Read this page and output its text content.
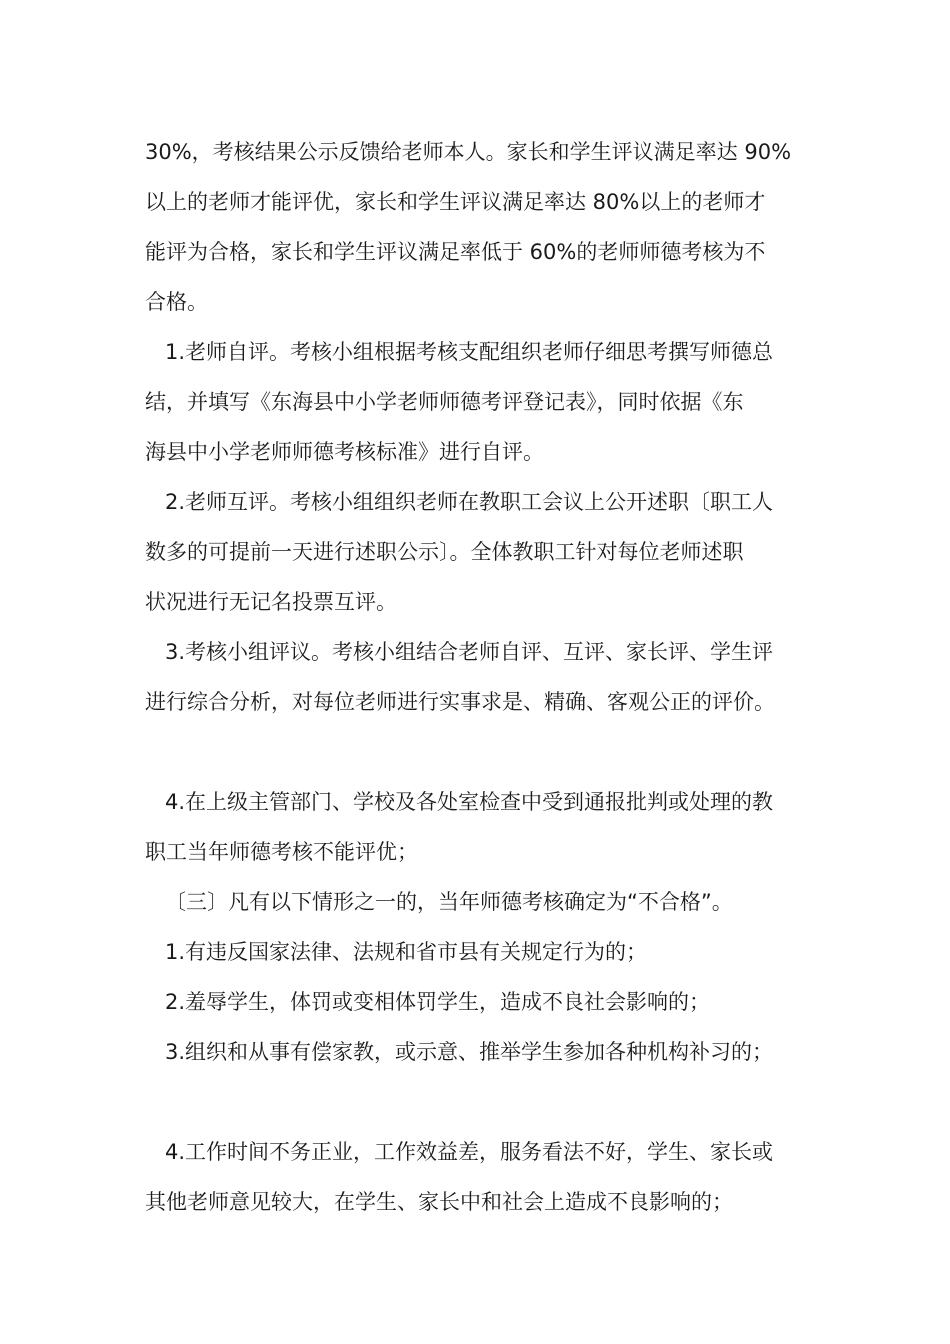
30%，考核结果公示反馈给老师本人。家长和学生评议满足率达 90%
以上的老师才能评优，家长和学生评议满足率达 80%以上的老师才
能评为合格，家长和学生评议满足率低于 60%的老师师德考核为不
合格。
1.老师自评。考核小组根据考核支配组织老师仔细思考撰写师德总
结，并填写《东海县中小学老师师德考评登记表》，同时依据《东
海县中小学老师师德考核标准》进行自评。
2.老师互评。考核小组组织老师在教职工会议上公开述职〔职工人
数多的可提前一天进行述职公示〕。全体教职工针对每位老师述职
状况进行无记名投票互评。
3.考核小组评议。考核小组结合老师自评、互评、家长评、学生评
进行综合分析，对每位老师进行实事求是、精确、客观公正的评价。
4.在上级主管部门、学校及各处室检查中受到通报批判或处理的教
职工当年师德考核不能评优；
〔三〕凡有以下情形之一的，当年师德考核确定为“不合格”。
1.有违反国家法律、法规和省市县有关规定行为的；
2.羞辱学生，体罚或变相体罚学生，造成不良社会影响的；
3.组织和从事有偿家教，或示意、推举学生参加各种机构补习的；
4.工作时间不务正业，工作效益差，服务看法不好，学生、家长或
其他老师意见较大，在学生、家长中和社会上造成不良影响的；
